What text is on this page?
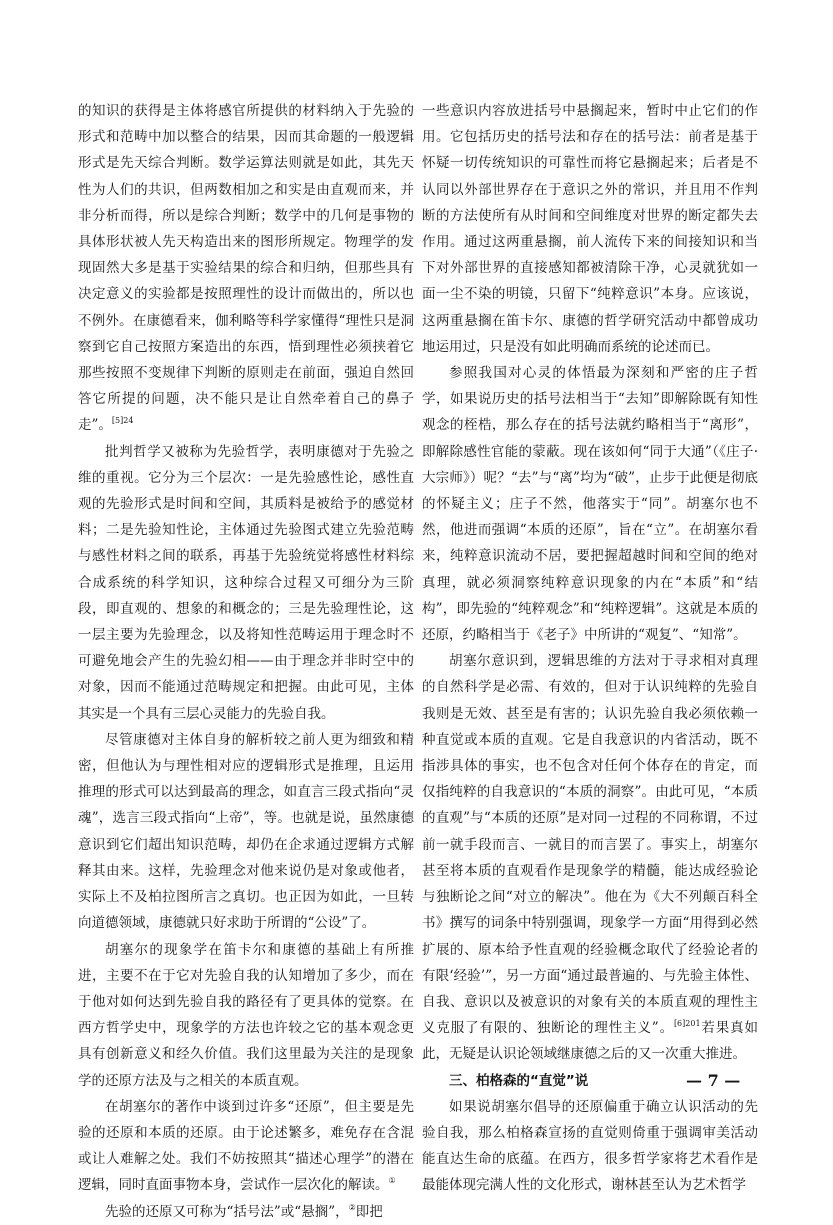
的知识的获得是主体将感官所提供的材料纳入于先验的形式和范畴中加以整合的结果，因而其命题的一般逻辑形式是先天综合判断。数学运算法则就是如此，其先天性为人们的共识，但两数相加之和实是由直观而来，并非分析而得，所以是综合判断；数学中的几何是事物的具体形状被人先天构造出来的图形所规定。物理学的发现固然大多是基于实验结果的综合和归纳，但那些具有决定意义的实验都是按照理性的设计而做出的，所以也不例外。在康德看来，伽利略等科学家懂得“理性只是洞察到它自己按照方案造出的东西，悟到理性必须挟着它那些按照不变规律下判断的原则走在前面，强迫自然回答它所提的问题，决不能只是让自然牵着自己的鼻子走”。$^{[5]24}$

批判哲学又被称为先验哲学，表明康德对于先验之维的重视。它分为三个层次：一是先验感性论，感性直观的先验形式是时间和空间，其质料是被给予的感觉材料；二是先验知性论，主体通过先验图式建立先验范畴与感性材料之间的联系，再基于先验统觉将感性材料综合成系统的科学知识，这种综合过程又可细分为三阶段，即直观的、想象的和概念的；三是先验理性论，这一层主要为先验理念，以及将知性范畴运用于理念时不可避免地会产生的先验幻相——由于理念并非时空中的对象，因而不能通过范畴规定和把握。由此可见，主体其实是一个具有三层心灵能力的先验自我。

尽管康德对主体自身的解析较之前人更为细致和精密，但他认为与理性相对应的逻辑形式是推理，且运用推理的形式可以达到最高的理念，如直言三段式指向“灵魂”，选言三段式指向“上帝”，等。也就是说，虽然康德意识到它们超出知识范畴，却仍在企求通过逻辑方式解释其由来。这样，先验理念对他来说仍是对象或他者，实际上不及柏拉图所言之真切。也正因为如此，一旦转向道德领域，康德就只好求助于所谓的“公设”了。

胡塞尔的现象学在笛卡尔和康德的基础上有所推进，主要不在于它对先验自我的认知增加了多少，而在于他对如何达到先验自我的路径有了更具体的觉察。在西方哲学史中，现象学的方法也许较之它的基本观念更具有创新意义和经久价值。我们这里最为关注的是现象学的还原方法及与之相关的本质直观。

在胡塞尔的著作中谈到过许多“还原”，但主要是先验的还原和本质的还原。由于论述繁多，难免存在含混或让人难解之处。我们不妨按照其“描述心理学”的潜在逻辑，同时直面事物本身，尝试作一层次化的解读。①

先验的还原又可称为“括号法”或“悬搁”，②即把

一些意识内容放进括号中悬搁起来，暂时中止它们的作用。它包括历史的括号法和存在的括号法：前者是基于怀疑一切传统知识的可靠性而将它悬搁起来；后者是不认同以外部世界存在于意识之外的常识，并且用不作判断的方法使所有从时间和空间维度对世界的断定都失去作用。通过这两重悬搁，前人流传下来的间接知识和当下对外部世界的直接感知都被清除干净，心灵就犹如一面一尘不染的明镜，只留下“纯粹意识”本身。应该说，这两重悬搁在笛卡尔、康德的哲学研究活动中都曾成功地运用过，只是没有如此明确而系统的论述而已。

参照我国对心灵的体悟最为深刻和严密的庄子哲学，如果说历史的括号法相当于“去知”即解除既有知性观念的桎梏，那么存在的括号法就约略相当于“离形”，即解除感性官能的蒙蔽。现在该如何“同于大通”（《庄子·大宗师》）呢？“去”与“离”均为“破”，止步于此便是彻底的怀疑主义；庄子不然，他落实于“同”。胡塞尔也不然，他进而强调“本质的还原”，旨在“立”。在胡塞尔看来，纯粹意识流动不居，要把握超越时间和空间的绝对真理，就必须洞察纯粹意识现象的内在“本质”和“结构”，即先验的“纯粹观念”和“纯粹逻辑”。这就是本质的还原，约略相当于《老子》中所讲的“观复”、“知常”。

胡塞尔意识到，逻辑思维的方法对于寻求相对真理的自然科学是必需、有效的，但对于认识纯粹的先验自我则是无效、甚至是有害的；认识先验自我必须依赖一种直觉或本质的直观。它是自我意识的内省活动，既不指涉具体的事实，也不包含对任何个体存在的肯定，而仅指纯粹的自我意识的“本质的洞察”。由此可见，“本质的直观”与“本质的还原”是对同一过程的不同称谓，不过前一就手段而言、一就目的而言罢了。事实上，胡塞尔甚至将本质的直观看作是现象学的精髓，能达成经验论与独断论之间“对立的解决”。他在为《大不列颠百科全书》撰写的词条中特别强调，现象学一方面“用得到必然扩展的、原本给予性直观的经验概念取代了经验论者的有限‘经验’”，另一方面“通过最普遍的、与先验主体性、自我、意识以及被意识的对象有关的本质直观的理性主义克服了有限的、独断论的理性主义”。$^{[6]201}$若果真如此，无疑是认识论领域继康德之后的又一次重大推进。

三、柏格森的“直觉”说

如果说胡塞尔倡导的还原偏重于确立认识活动的先验自我，那么柏格森宣扬的直觉则倚重于强调审美活动能直达生命的底蕴。在西方，很多哲学家将艺术看作是最能体现完满人性的文化形式，谢林甚至认为艺术哲学

— 7 —
